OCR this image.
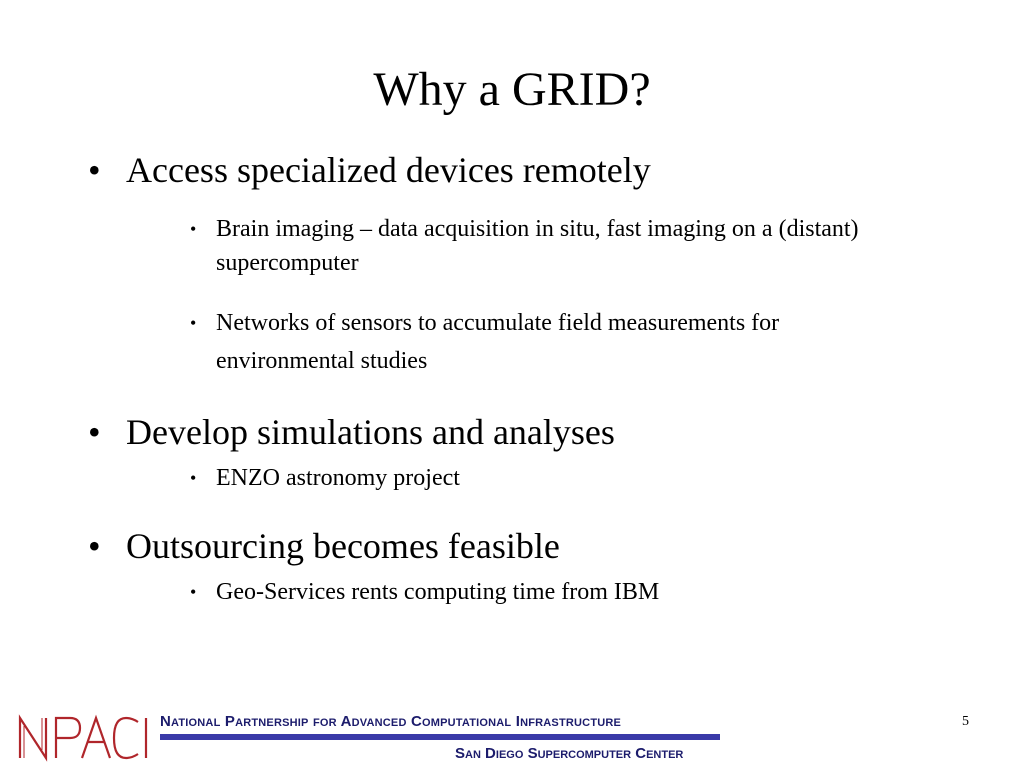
Why a GRID?
• Access specialized devices remotely
• Brain imaging – data acquisition in situ, fast imaging on a (distant) supercomputer
• Networks of sensors to accumulate field measurements for environmental studies
• Develop simulations and analyses
• ENZO astronomy project
• Outsourcing becomes feasible
• Geo-Services rents computing time from IBM
NPACI
National Partnership for Advanced Computational Infrastructure
San Diego Supercomputer Center
5
